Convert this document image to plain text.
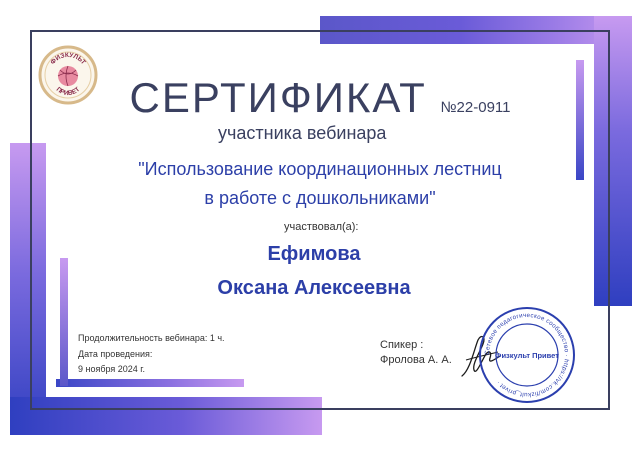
ФИЗКУЛЬТ
ПРИВЕТ	СЕРТИФИКАТ №22-0911
участника вебинара
"Использование координационных лестниц
в работе с дошкольниками"
участвовал(а):
Ефимова
Оксана Алексеевна
Продолжительность вебинара: 1 ч.
Дата проведения:
9 ноября 2024 г.
Спикер :
Фролова А. А.
Сетевое педагогическое сообщество · https://vk.com/fizkult_privet ·
Физкульт Привет
